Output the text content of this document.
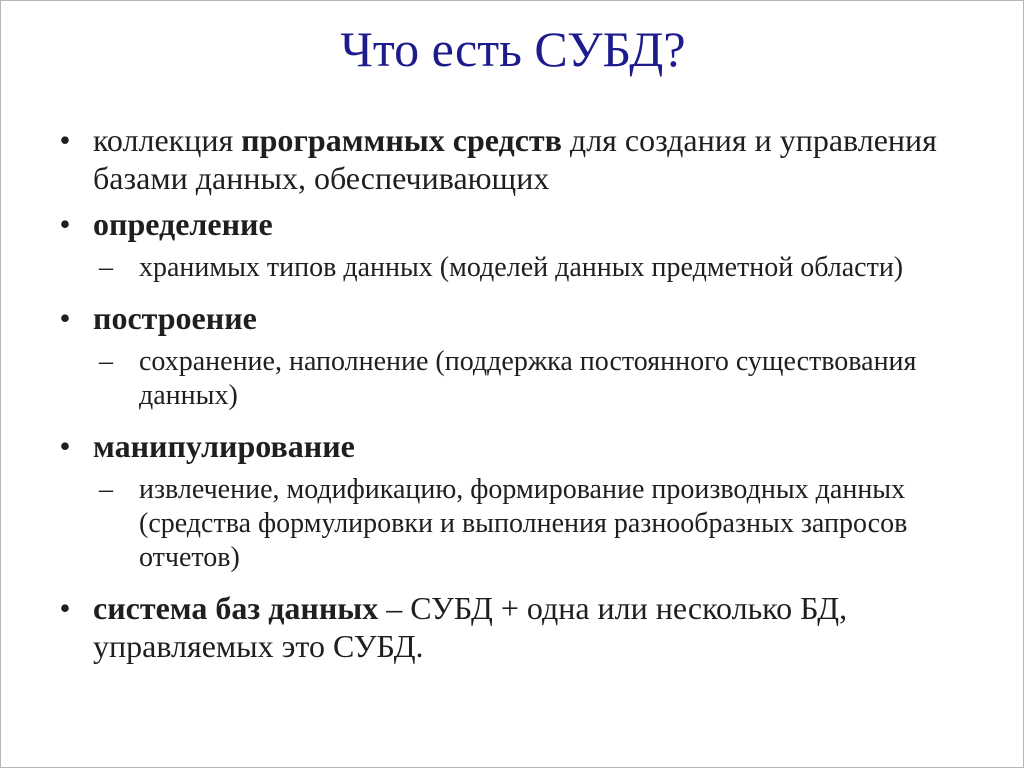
Что есть СУБД?
• коллекция программных средств для создания и управления базами данных, обеспечивающих
• определение
– хранимых типов данных (моделей данных предметной области)
• построение
– сохранение, наполнение (поддержка постоянного существования данных)
• манипулирование
– извлечение, модификацию, формирование производных данных (средства формулировки и выполнения разнообразных запросов отчетов)
• система баз данных – СУБД + одна или несколько БД, управляемых это СУБД.
